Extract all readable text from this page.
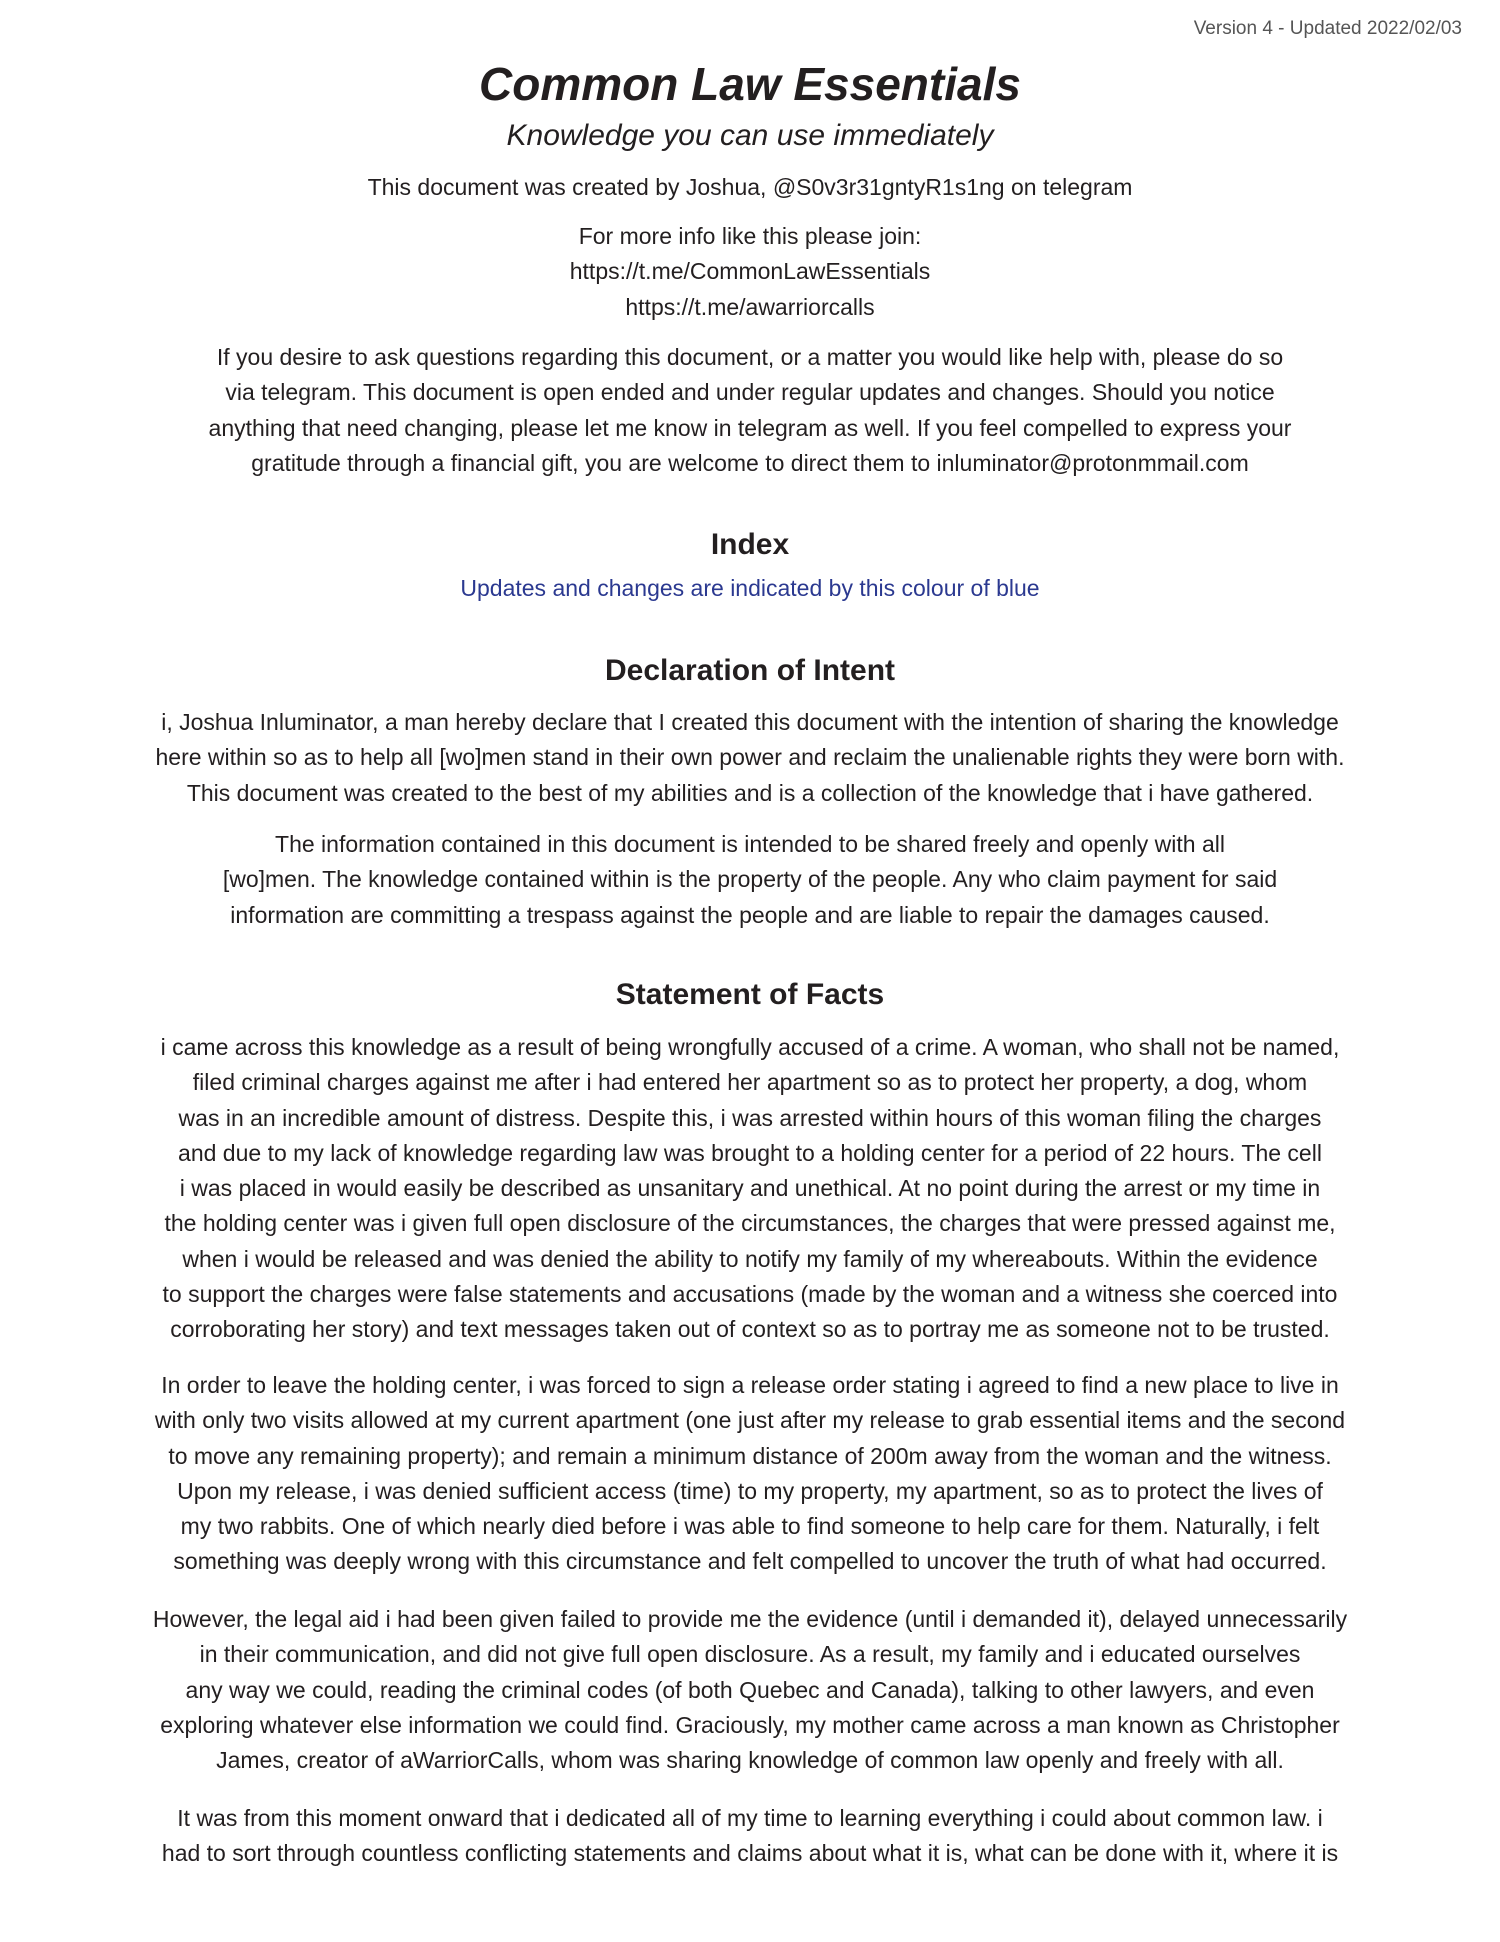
Version 4 - Updated 2022/02/03
Common Law Essentials
Knowledge you can use immediately
This document was created by Joshua, @S0v3r31gntyR1s1ng on telegram
For more info like this please join:
https://t.me/CommonLawEssentials
https://t.me/awarriorcalls
If you desire to ask questions regarding this document, or a matter you would like help with, please do so
via telegram. This document is open ended and under regular updates and changes. Should you notice
anything that need changing, please let me know in telegram as well. If you feel compelled to express your
gratitude through a financial gift, you are welcome to direct them to inluminator@protonmmail.com
Index
Updates and changes are indicated by this colour of blue
Declaration of Intent
i, Joshua Inluminator, a man hereby declare that I created this document with the intention of sharing the knowledge
here within so as to help all [wo]men stand in their own power and reclaim the unalienable rights they were born with.
This document was created to the best of my abilities and is a collection of the knowledge that i have gathered.
The information contained in this document is intended to be shared freely and openly with all
[wo]men. The knowledge contained within is the property of the people. Any who claim payment for said
information are committing a trespass against the people and are liable to repair the damages caused.
Statement of Facts
i came across this knowledge as a result of being wrongfully accused of a crime. A woman, who shall not be named,
filed criminal charges against me after i had entered her apartment so as to protect her property, a dog, whom
was in an incredible amount of distress. Despite this, i was arrested within hours of this woman filing the charges
and due to my lack of knowledge regarding law was brought to a holding center for a period of 22 hours. The cell
i was placed in would easily be described as unsanitary and unethical. At no point during the arrest or my time in
the holding center was i given full open disclosure of the circumstances, the charges that were pressed against me,
when i would be released and was denied the ability to notify my family of my whereabouts. Within the evidence
to support the charges were false statements and accusations (made by the woman and a witness she coerced into
corroborating her story) and text messages taken out of context so as to portray me as someone not to be trusted.
In order to leave the holding center, i was forced to sign a release order stating i agreed to find a new place to live in
with only two visits allowed at my current apartment (one just after my release to grab essential items and the second
to move any remaining property); and remain a minimum distance of 200m away from the woman and the witness.
Upon my release, i was denied sufficient access (time) to my property, my apartment, so as to protect the lives of
my two rabbits. One of which nearly died before i was able to find someone to help care for them. Naturally, i felt
something was deeply wrong with this circumstance and felt compelled to uncover the truth of what had occurred.
However, the legal aid i had been given failed to provide me the evidence (until i demanded it), delayed unnecessarily
in their communication, and did not give full open disclosure. As a result, my family and i educated ourselves
any way we could, reading the criminal codes (of both Quebec and Canada), talking to other lawyers, and even
exploring whatever else information we could find. Graciously, my mother came across a man known as Christopher
James, creator of aWarriorCalls, whom was sharing knowledge of common law openly and freely with all.
It was from this moment onward that i dedicated all of my time to learning everything i could about common law. i
had to sort through countless conflicting statements and claims about what it is, what can be done with it, where it is
